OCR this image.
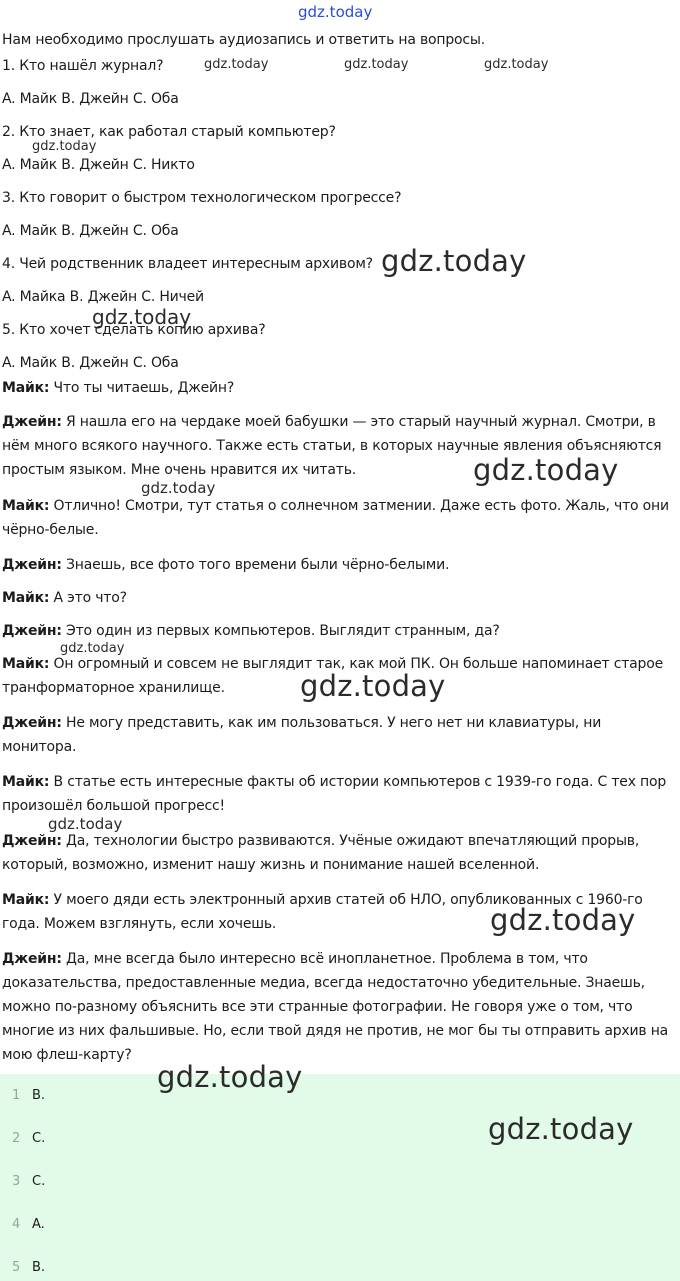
gdz.today
Нам необходимо прослушать аудиозапись и ответить на вопросы.
1. Кто нашёл журнал?
A. Майк B. Джейн C. Оба
2. Кто знает, как работал старый компьютер?
A. Майк B. Джейн C. Никто
3. Кто говорит о быстром технологическом прогрессе?
A. Майк B. Джейн C. Оба
4. Чей родственник владеет интересным архивом?
A. Майка B. Джейн C. Ничей
5. Кто хочет сделать копию архива?
A. Майк B. Джейн C. Оба

Майк: Что ты читаешь, Джейн?

Джейн: Я нашла его на чердаке моей бабушки — это старый научный журнал. Смотри, в нём много всякого научного. Также есть статьи, в которых научные явления объясняются простым языком. Мне очень нравится их читать.

Майк: Отлично! Смотри, тут статья о солнечном затмении. Даже есть фото. Жаль, что они чёрно-белые.

Джейн: Знаешь, все фото того времени были чёрно-белыми.

Майк: А это что?

Джейн: Это один из первых компьютеров. Выглядит странным, да?

Майк: Он огромный и совсем не выглядит так, как мой ПК. Он больше напоминает старое транформаторное хранилище.

Джейн: Не могу представить, как им пользоваться. У него нет ни клавиатуры, ни монитора.

Майк: В статье есть интересные факты об истории компьютеров с 1939-го года. С тех пор произошёл большой прогресс!

Джейн: Да, технологии быстро развиваются. Учёные ожидают впечатляющий прорыв, который, возможно, изменит нашу жизнь и понимание нашей вселенной.

Майк: У моего дяди есть электронный архив статей об НЛО, опубликованных с 1960-го года. Можем взглянуть, если хочешь.

Джейн: Да, мне всегда было интересно всё инопланетное. Проблема в том, что доказательства, предоставленные медиа, всегда недостаточно убедительные. Знаешь, можно по-разному объяснить все эти странные фотографии. Не говоря уже о том, что многие из них фальшивые. Но, если твой дядя не против, не мог бы ты отправить архив на мою флеш-карту?

1 B.
2 C.
3 C.
4 A.
5 B.
gdz.today	gdz.today	gdz.today
gdz.today
gdz.today
gdz.today
gdz.today
gdz.today
gdz.today
gdz.today
gdz.today
gdz.today
gdz.today
gdz.today
